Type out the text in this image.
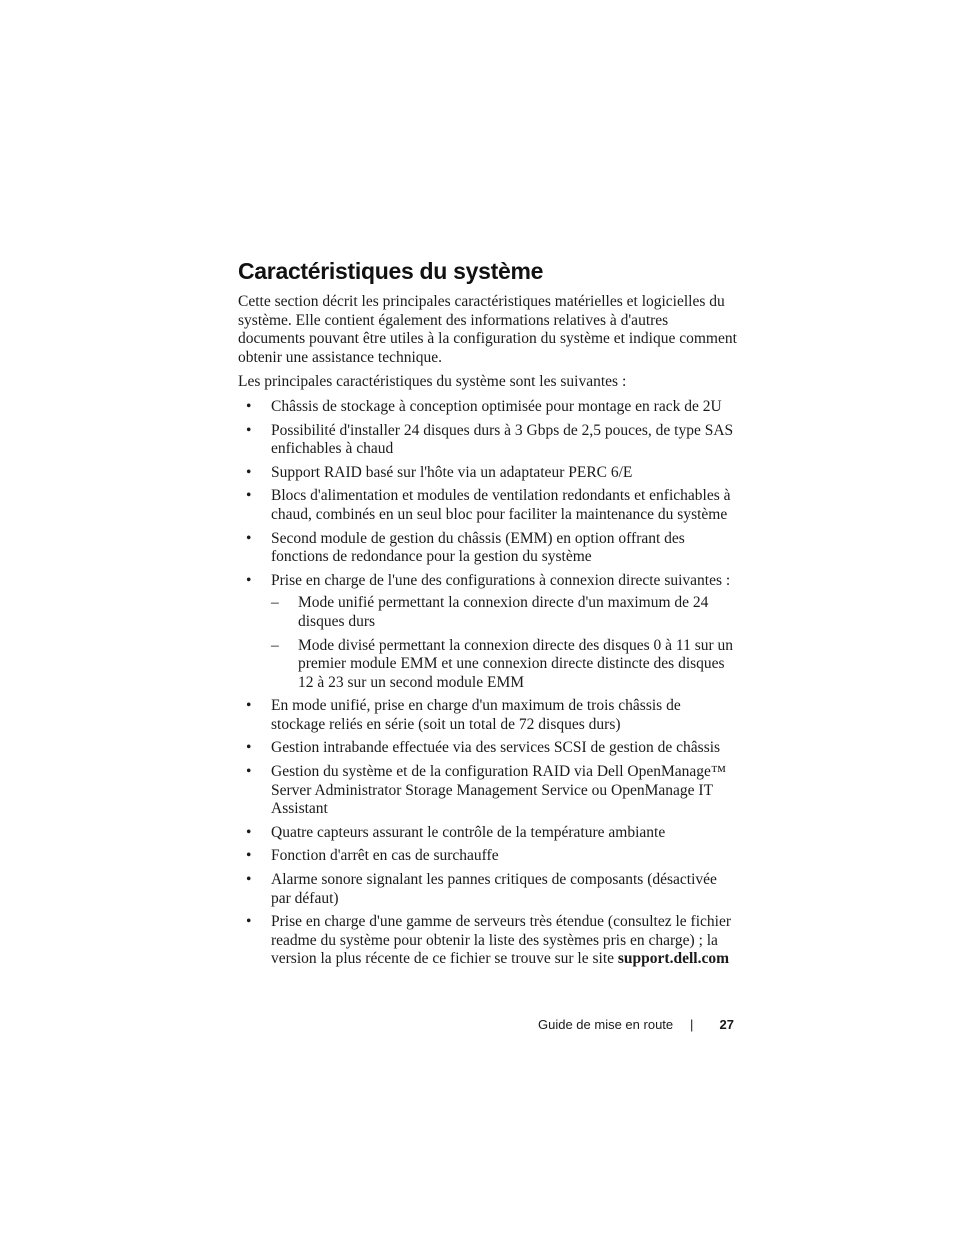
Caractéristiques du système

Cette section décrit les principales caractéristiques matérielles et logicielles du système. Elle contient également des informations relatives à d'autres documents pouvant être utiles à la configuration du système et indique comment obtenir une assistance technique.

Les principales caractéristiques du système sont les suivantes :

• Châssis de stockage à conception optimisée pour montage en rack de 2U
• Possibilité d'installer 24 disques durs à 3 Gbps de 2,5 pouces, de type SAS enfichables à chaud
• Support RAID basé sur l'hôte via un adaptateur PERC 6/E
• Blocs d'alimentation et modules de ventilation redondants et enfichables à chaud, combinés en un seul bloc pour faciliter la maintenance du système
• Second module de gestion du châssis (EMM) en option offrant des fonctions de redondance pour la gestion du système
• Prise en charge de l'une des configurations à connexion directe suivantes :
– Mode unifié permettant la connexion directe d'un maximum de 24 disques durs
– Mode divisé permettant la connexion directe des disques 0 à 11 sur un premier module EMM et une connexion directe distincte des disques 12 à 23 sur un second module EMM
• En mode unifié, prise en charge d'un maximum de trois châssis de stockage reliés en série (soit un total de 72 disques durs)
• Gestion intrabande effectuée via des services SCSI de gestion de châssis
• Gestion du système et de la configuration RAID via Dell OpenManage™ Server Administrator Storage Management Service ou OpenManage IT Assistant
• Quatre capteurs assurant le contrôle de la température ambiante
• Fonction d'arrêt en cas de surchauffe
• Alarme sonore signalant les pannes critiques de composants (désactivée par défaut)
• Prise en charge d'une gamme de serveurs très étendue (consultez le fichier readme du système pour obtenir la liste des systèmes pris en charge) ; la version la plus récente de ce fichier se trouve sur le site support.dell.com
Guide de mise en route | 27
